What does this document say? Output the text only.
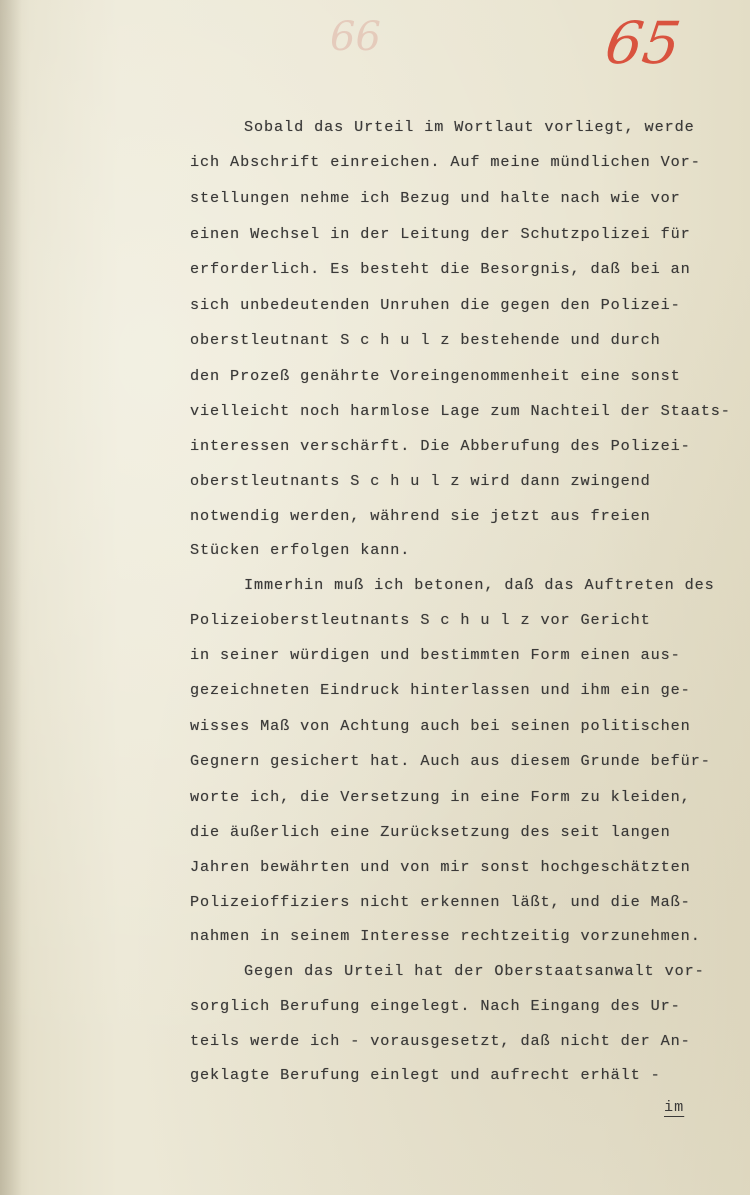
66	65
Sobald das Urteil im Wortlaut vorliegt, werde
ich Abschrift einreichen. Auf meine mündlichen Vor-
stellungen nehme ich Bezug und halte nach wie vor
einen Wechsel in der Leitung der Schutzpolizei für
erforderlich. Es besteht die Besorgnis, daß bei an
sich unbedeutenden Unruhen die gegen den Polizei-
oberstleutnant S c h u l z bestehende und durch
den Prozeß genährte Voreingenommenheit eine sonst
vielleicht noch harmlose Lage zum Nachteil der Staats-
interessen verschärft. Die Abberufung des Polizei-
oberstleutnants S c h u l z wird dann zwingend
notwendig werden, während sie jetzt aus freien
Stücken erfolgen kann.
Immerhin muß ich betonen, daß das Auftreten des
Polizeioberstleutnants S c h u l z vor Gericht
in seiner würdigen und bestimmten Form einen aus-
gezeichneten Eindruck hinterlassen und ihm ein ge-
wisses Maß von Achtung auch bei seinen politischen
Gegnern gesichert hat. Auch aus diesem Grunde befür-
worte ich, die Versetzung in eine Form zu kleiden,
die äußerlich eine Zurücksetzung des seit langen
Jahren bewährten und von mir sonst hochgeschätzten
Polizeioffiziers nicht erkennen läßt, und die Maß-
nahmen in seinem Interesse rechtzeitig vorzunehmen.
Gegen das Urteil hat der Oberstaatsanwalt vor-
sorglich Berufung eingelegt. Nach Eingang des Ur-
teils werde ich - vorausgesetzt, daß nicht der An-
geklagte Berufung einlegt und aufrecht erhält -
im
